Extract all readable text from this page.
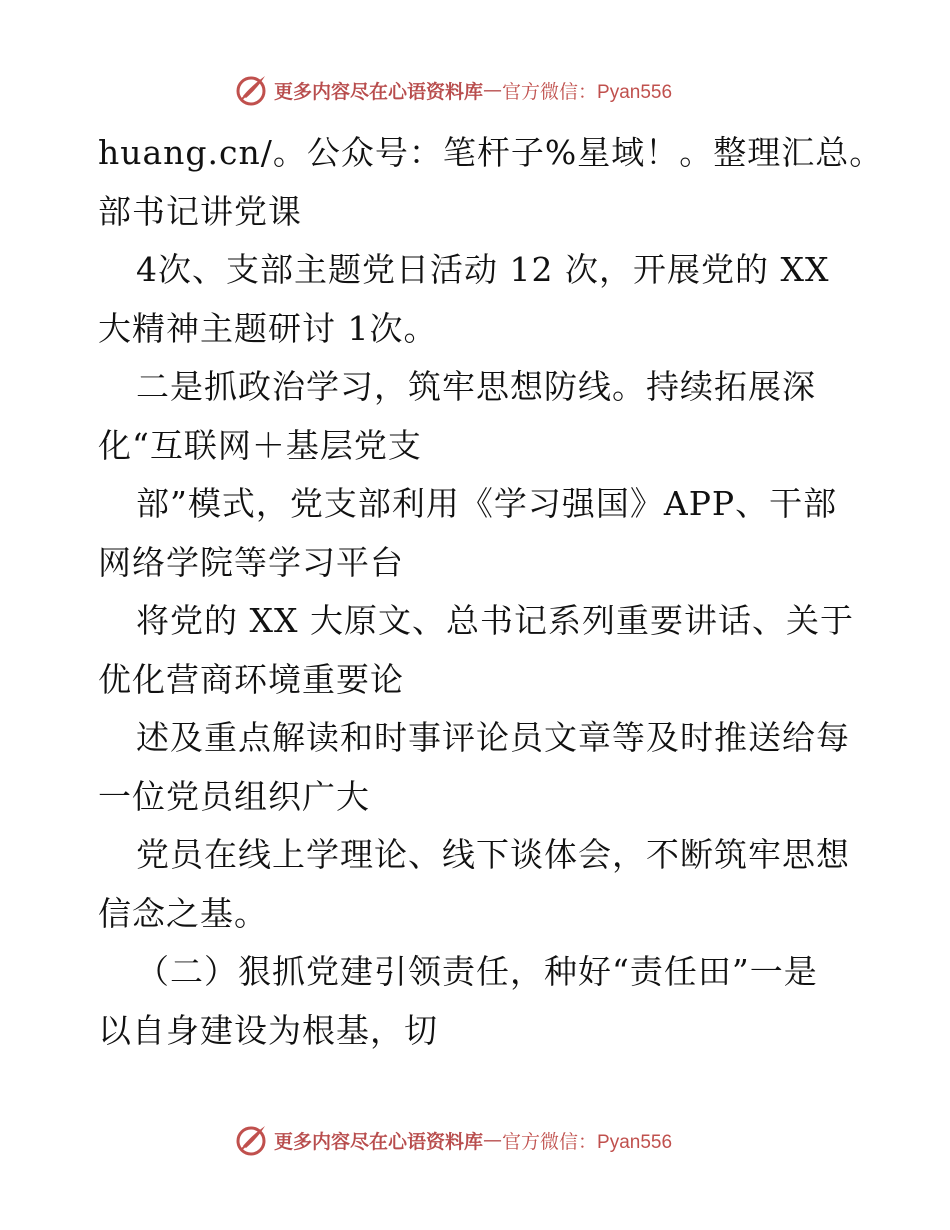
更多内容尽在心语资料库 — 官方微信：Pyan556
huang.cn/。公众号：笔杆子%星域！。整理汇总。
部书记讲党课
4次、支部主题党日活动 12 次，开展党的 XX
大精神主题研讨 1次。
二是抓政治学习，筑牢思想防线。持续拓展深
化“互联网＋基层党支
部”模式，党支部利用《学习强国》APP、干部
网络学院等学习平台
将党的 XX 大原文、总书记系列重要讲话、关于
优化营商环境重要论
述及重点解读和时事评论员文章等及时推送给每
一位党员组织广大
党员在线上学理论、线下谈体会，不断筑牢思想
信念之基。
（二）狠抓党建引领责任，种好“责任田”一是
以自身建设为根基，切
更多内容尽在心语资料库 — 官方微信：Pyan556
